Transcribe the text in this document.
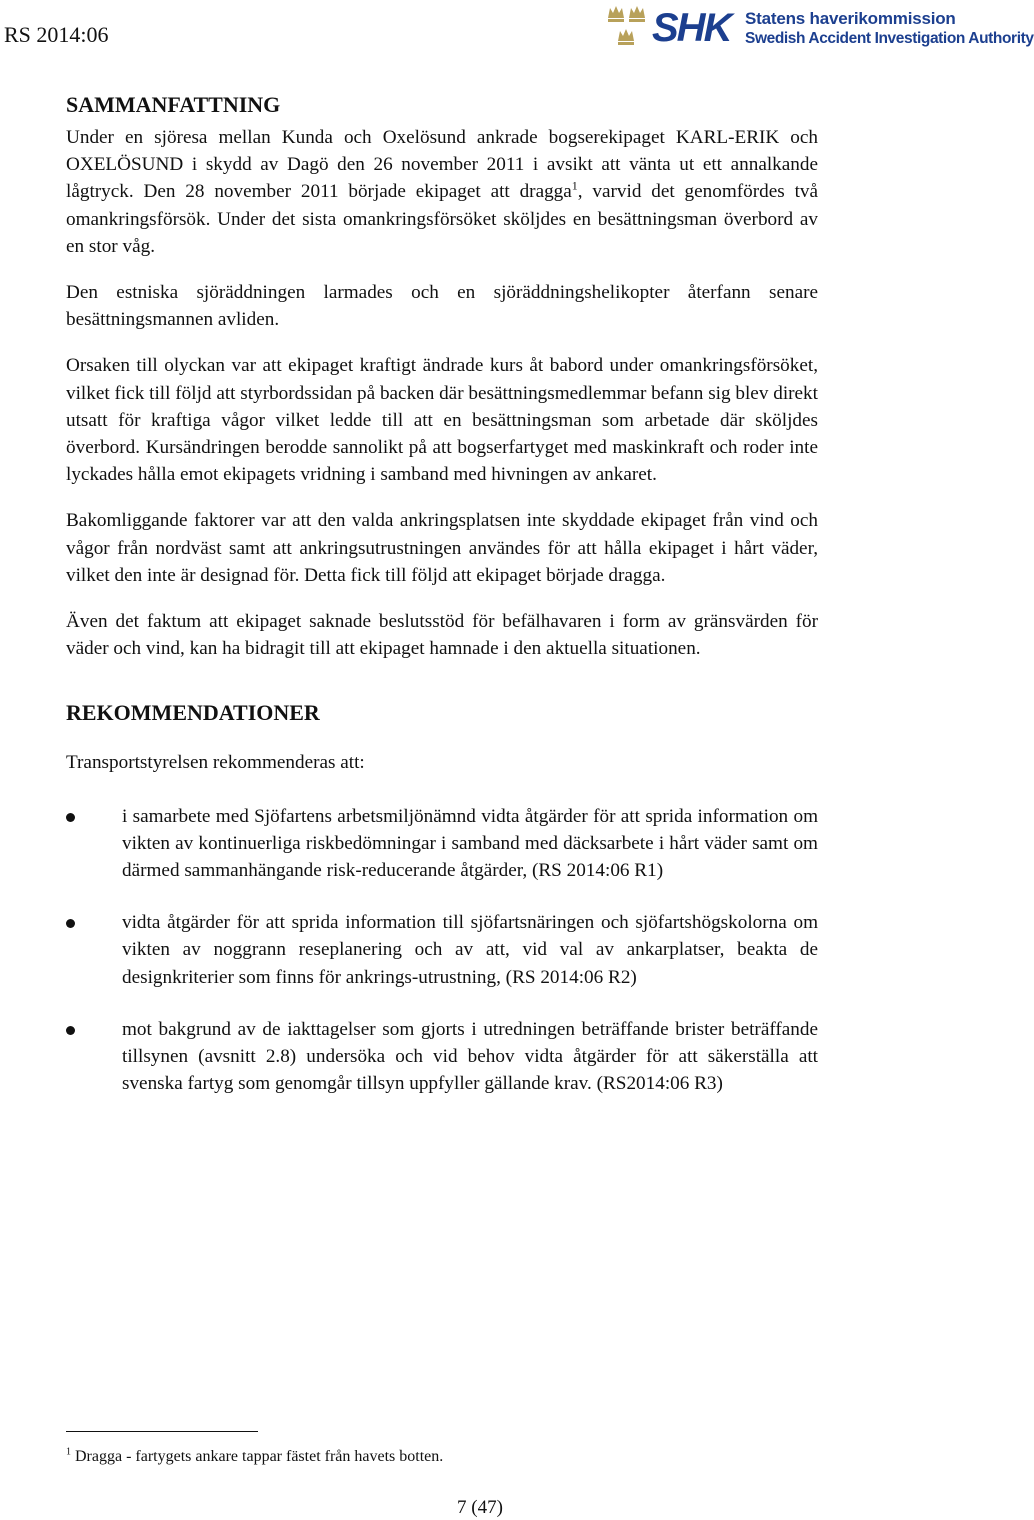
RS 2014:06	SHK Statens haverikommission
Swedish Accident Investigation Authority
SAMMANFATTNING

Under en sjöresa mellan Kunda och Oxelösund ankrade bogserekipaget KARL-ERIK och OXELÖSUND i skydd av Dagö den 26 november 2011 i avsikt att vänta ut ett annalkande lågtryck. Den 28 november 2011 började ekipaget att dragga$^1$, varvid det genomfördes två omankringsförsök. Under det sista omankringsförsöket sköljdes en besättningsman överbord av en stor våg.

Den estniska sjöräddningen larmades och en sjöräddningshelikopter återfann senare besättningsmannen avliden.

Orsaken till olyckan var att ekipaget kraftigt ändrade kurs åt babord under omankringsförsöket, vilket fick till följd att styrbordssidan på backen där besättningsmedlemmar befann sig blev direkt utsatt för kraftiga vågor vilket ledde till att en besättningsman som arbetade där sköljdes överbord. Kursändringen berodde sannolikt på att bogserfartyget med maskinkraft och roder inte lyckades hålla emot ekipagets vridning i samband med hivningen av ankaret.

Bakomliggande faktorer var att den valda ankringsplatsen inte skyddade ekipaget från vind och vågor från nordväst samt att ankringsutrustningen användes för att hålla ekipaget i hårt väder, vilket den inte är designad för. Detta fick till följd att ekipaget började dragga.

Även det faktum att ekipaget saknade beslutsstöd för befälhavaren i form av gränsvärden för väder och vind, kan ha bidragit till att ekipaget hamnade i den aktuella situationen.

REKOMMENDATIONER

Transportstyrelsen rekommenderas att:

i samarbete med Sjöfartens arbetsmiljönämnd vidta åtgärder för att sprida information om vikten av kontinuerliga riskbedömningar i samband med däcksarbete i hårt väder samt om därmed sammanhängande risk-reducerande åtgärder, (RS 2014:06 R1)

vidta åtgärder för att sprida information till sjöfartsnäringen och sjöfartshögskolorna om vikten av noggrann reseplanering och av att, vid val av ankarplatser, beakta de designkriterier som finns för ankrings-utrustning, (RS 2014:06 R2)

mot bakgrund av de iakttagelser som gjorts i utredningen beträffande brister beträffande tillsynen (avsnitt 2.8) undersöka och vid behov vidta åtgärder för att säkerställa att svenska fartyg som genomgår tillsyn uppfyller gällande krav. (RS2014:06 R3)

$^1$ Dragga - fartygets ankare tappar fästet från havets botten.
7 (47)
